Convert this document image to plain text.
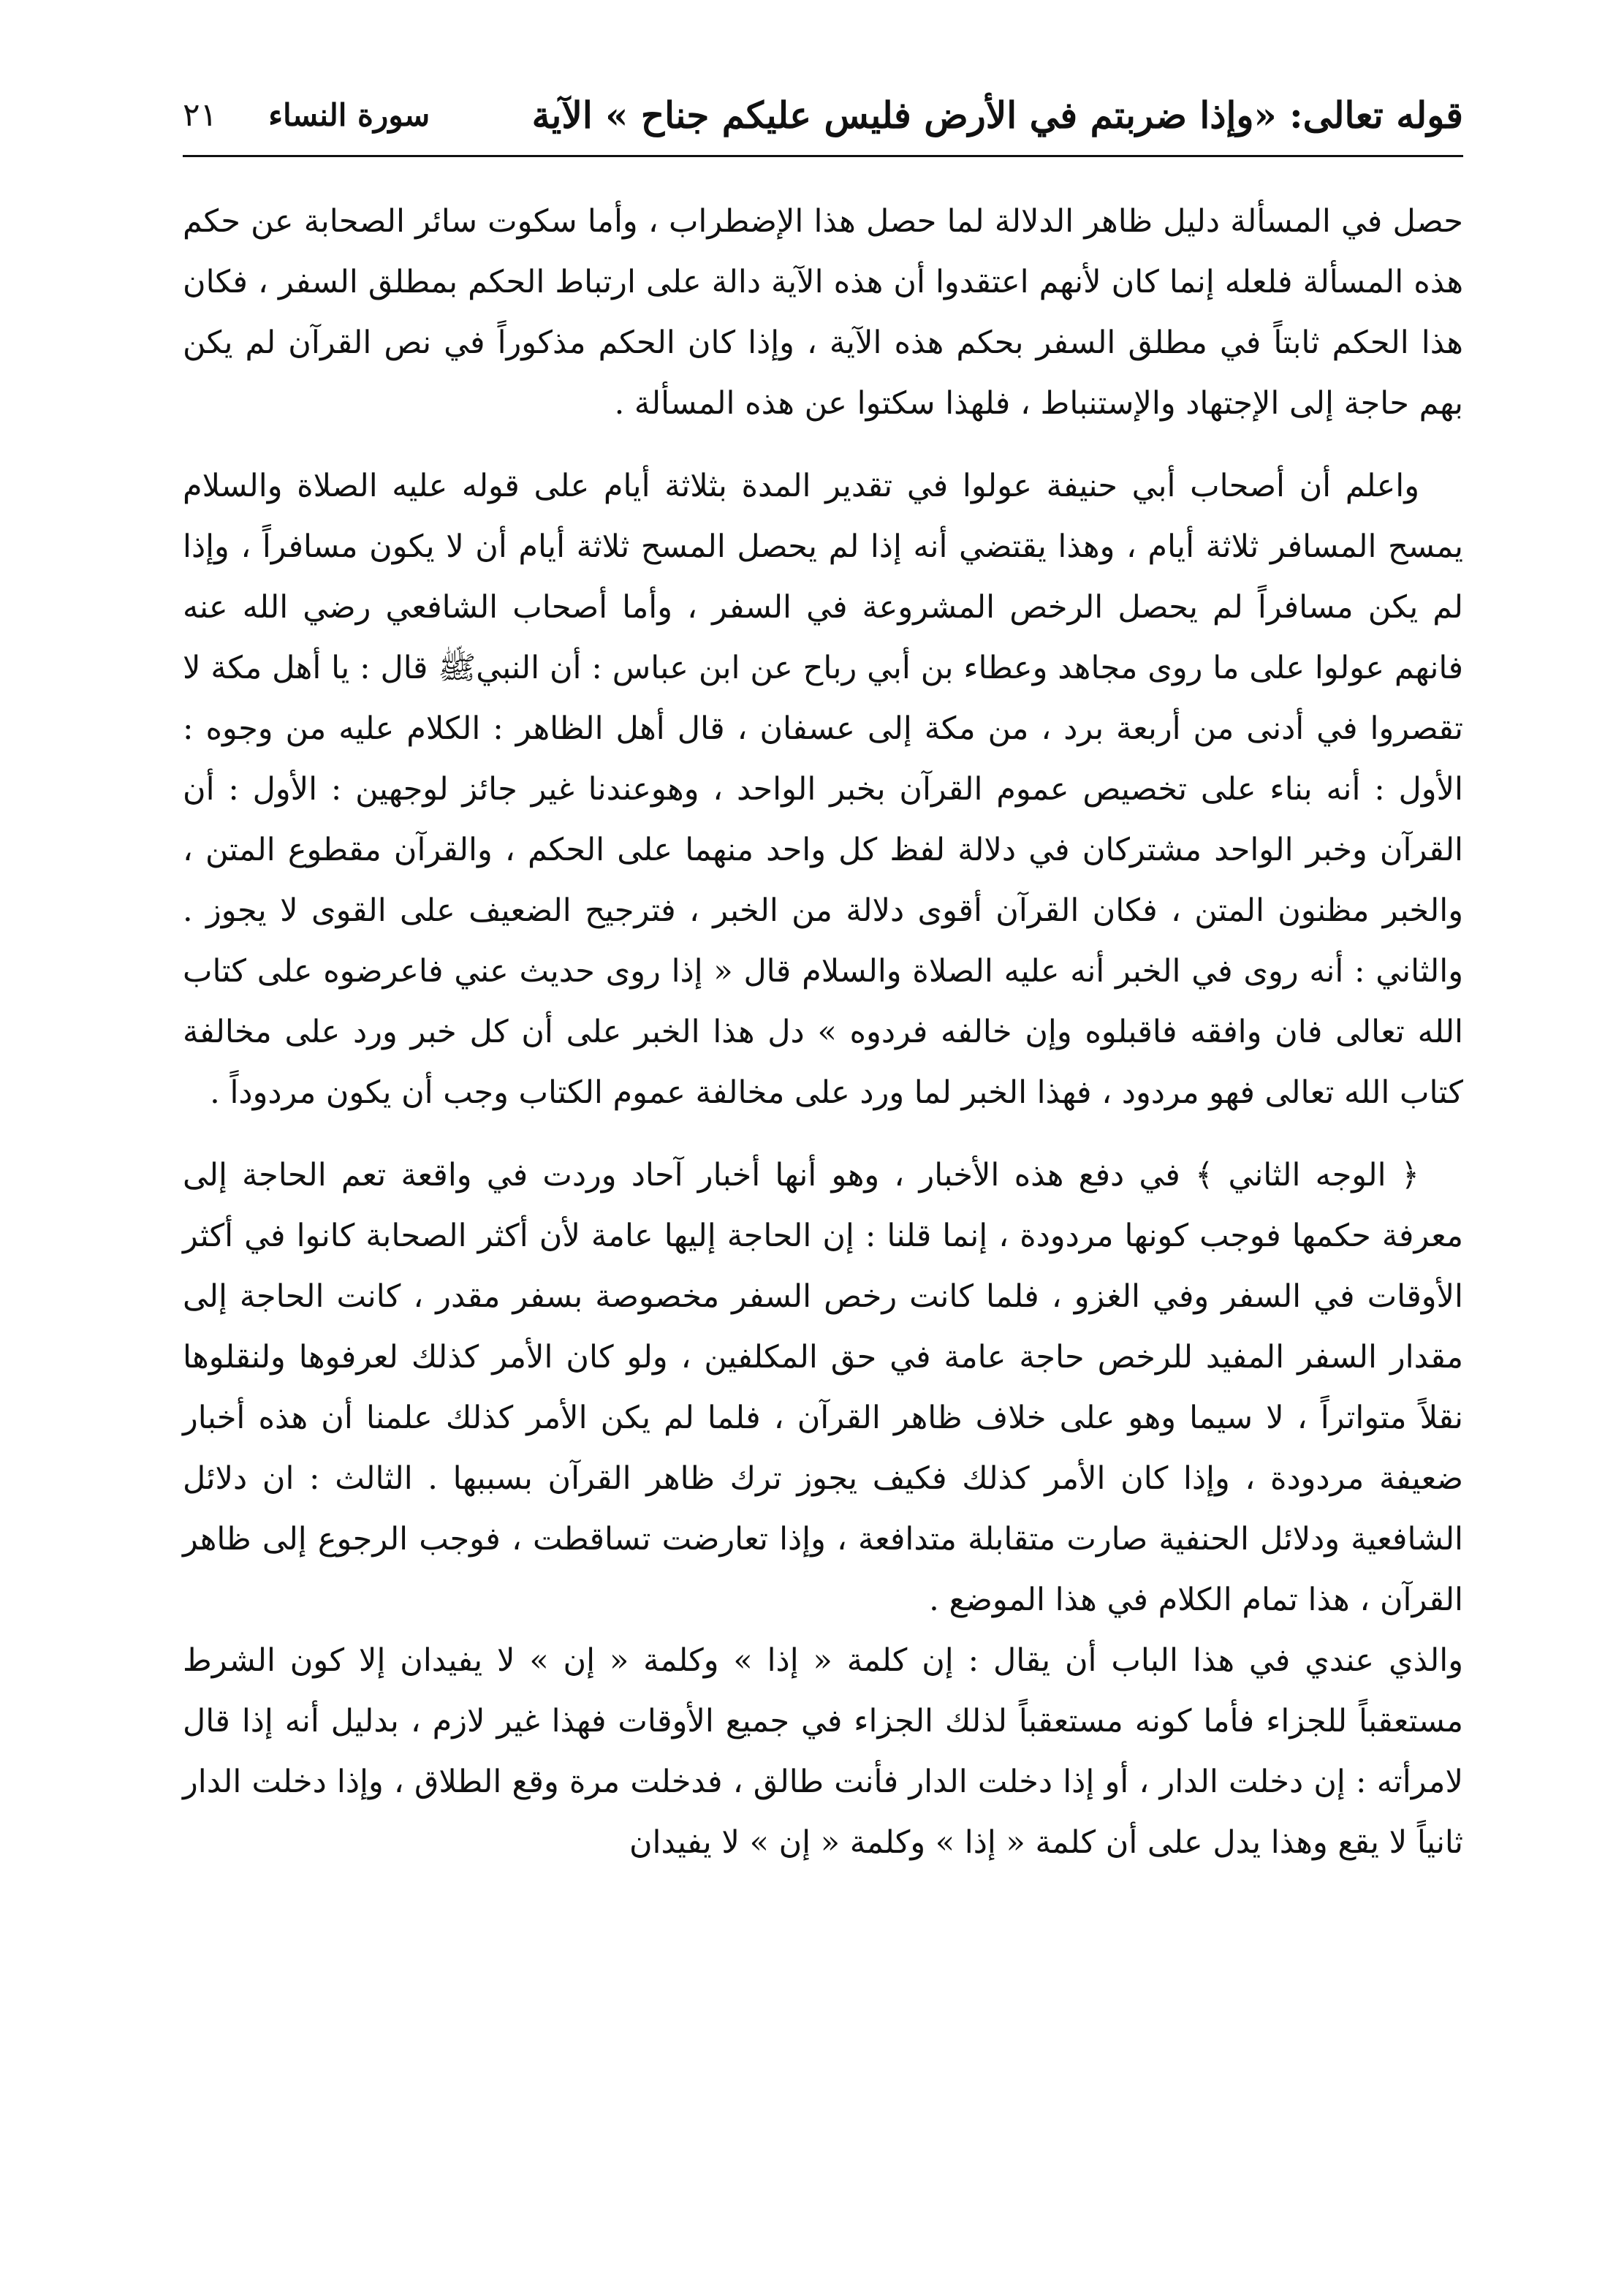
قوله تعالى: «وإذا ضربتم في الأرض فليس عليكم جناح » الآية
سورة النساء
٢١

حصل في المسألة دليل ظاهر الدلالة لما حصل هذا الإضطراب ، وأما سكوت سائر الصحابة عن حكم هذه المسألة فلعله إنما كان لأنهم اعتقدوا أن هذه الآية دالة على ارتباط الحكم بمطلق السفر ، فكان هذا الحكم ثابتاً في مطلق السفر بحكم هذه الآية ، وإذا كان الحكم مذكوراً في نص القرآن لم يكن بهم حاجة إلى الإجتهاد والإستنباط ، فلهذا سكتوا عن هذه المسألة .

واعلم أن أصحاب أبي حنيفة عولوا في تقدير المدة بثلاثة أيام على قوله عليه الصلاة والسلام يمسح المسافر ثلاثة أيام ، وهذا يقتضي أنه إذا لم يحصل المسح ثلاثة أيام أن لا يكون مسافراً ، وإذا لم يكن مسافراً لم يحصل الرخص المشروعة في السفر ، وأما أصحاب الشافعي رضي الله عنه فانهم عولوا على ما روى مجاهد وعطاء بن أبي رباح عن ابن عباس : أن النبيﷺ قال : يا أهل مكة لا تقصروا في أدنى من أربعة برد ، من مكة إلى عسفان ، قال أهل الظاهر : الكلام عليه من وجوه : الأول : أنه بناء على تخصيص عموم القرآن بخبر الواحد ، وهوعندنا غير جائز لوجهين : الأول : أن القرآن وخبر الواحد مشتركان في دلالة لفظ كل واحد منهما على الحكم ، والقرآن مقطوع المتن ، والخبر مظنون المتن ، فكان القرآن أقوى دلالة من الخبر ، فترجيح الضعيف على القوى لا يجوز . والثاني : أنه روى في الخبر أنه عليه الصلاة والسلام قال « إذا روى حديث عني فاعرضوه على كتاب الله تعالى فان وافقه فاقبلوه وإن خالفه فردوه » دل هذا الخبر على أن كل خبر ورد على مخالفة كتاب الله تعالى فهو مردود ، فهذا الخبر لما ورد على مخالفة عموم الكتاب وجب أن يكون مردوداً .

﴿ الوجه الثاني ﴾ في دفع هذه الأخبار ، وهو أنها أخبار آحاد وردت في واقعة تعم الحاجة إلى معرفة حكمها فوجب كونها مردودة ، إنما قلنا : إن الحاجة إليها عامة لأن أكثر الصحابة كانوا في أكثر الأوقات في السفر وفي الغزو ، فلما كانت رخص السفر مخصوصة بسفر مقدر ، كانت الحاجة إلى مقدار السفر المفيد للرخص حاجة عامة في حق المكلفين ، ولو كان الأمر كذلك لعرفوها ولنقلوها نقلاً متواتراً ، لا سيما وهو على خلاف ظاهر القرآن ، فلما لم يكن الأمر كذلك علمنا أن هذه أخبار ضعيفة مردودة ، وإذا كان الأمر كذلك فكيف يجوز ترك ظاهر القرآن بسببها . الثالث : ان دلائل الشافعية ودلائل الحنفية صارت متقابلة متدافعة ، وإذا تعارضت تساقطت ، فوجب الرجوع إلى ظاهر القرآن ، هذا تمام الكلام في هذا الموضع .

والذي عندي في هذا الباب أن يقال : إن كلمة « إذا » وكلمة « إن » لا يفيدان إلا كون الشرط مستعقباً للجزاء فأما كونه مستعقباً لذلك الجزاء في جميع الأوقات فهذا غير لازم ، بدليل أنه إذا قال لامرأته : إن دخلت الدار ، أو إذا دخلت الدار فأنت طالق ، فدخلت مرة وقع الطلاق ، وإذا دخلت الدار ثانياً لا يقع وهذا يدل على أن كلمة « إذا » وكلمة « إن » لا يفيدان
